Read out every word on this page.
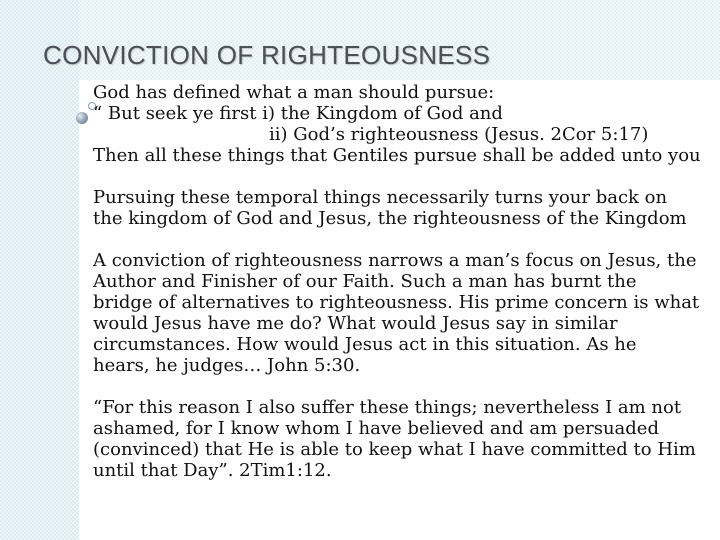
CONVICTION OF RIGHTEOUSNESS
God has defined what a man should pursue:
“ But seek ye first i) the Kingdom of God and
ii) God’s righteousness (Jesus. 2Cor 5:17)
Then all these things that Gentiles pursue shall be added unto you
Pursuing these temporal things necessarily turns your back on
the kingdom of God and Jesus, the righteousness of the Kingdom
A conviction of righteousness narrows a man’s focus on Jesus, the
Author and Finisher of our Faith. Such a man has burnt the
bridge of alternatives to righteousness. His prime concern is what
would Jesus have me do? What would Jesus say in similar
circumstances. How would Jesus act in this situation. As he
hears, he judges… John 5:30.
“For this reason I also suffer these things; nevertheless I am not
ashamed, for I know whom I have believed and am persuaded
(convinced) that He is able to keep what I have committed to Him
until that Day”. 2Tim1:12.
